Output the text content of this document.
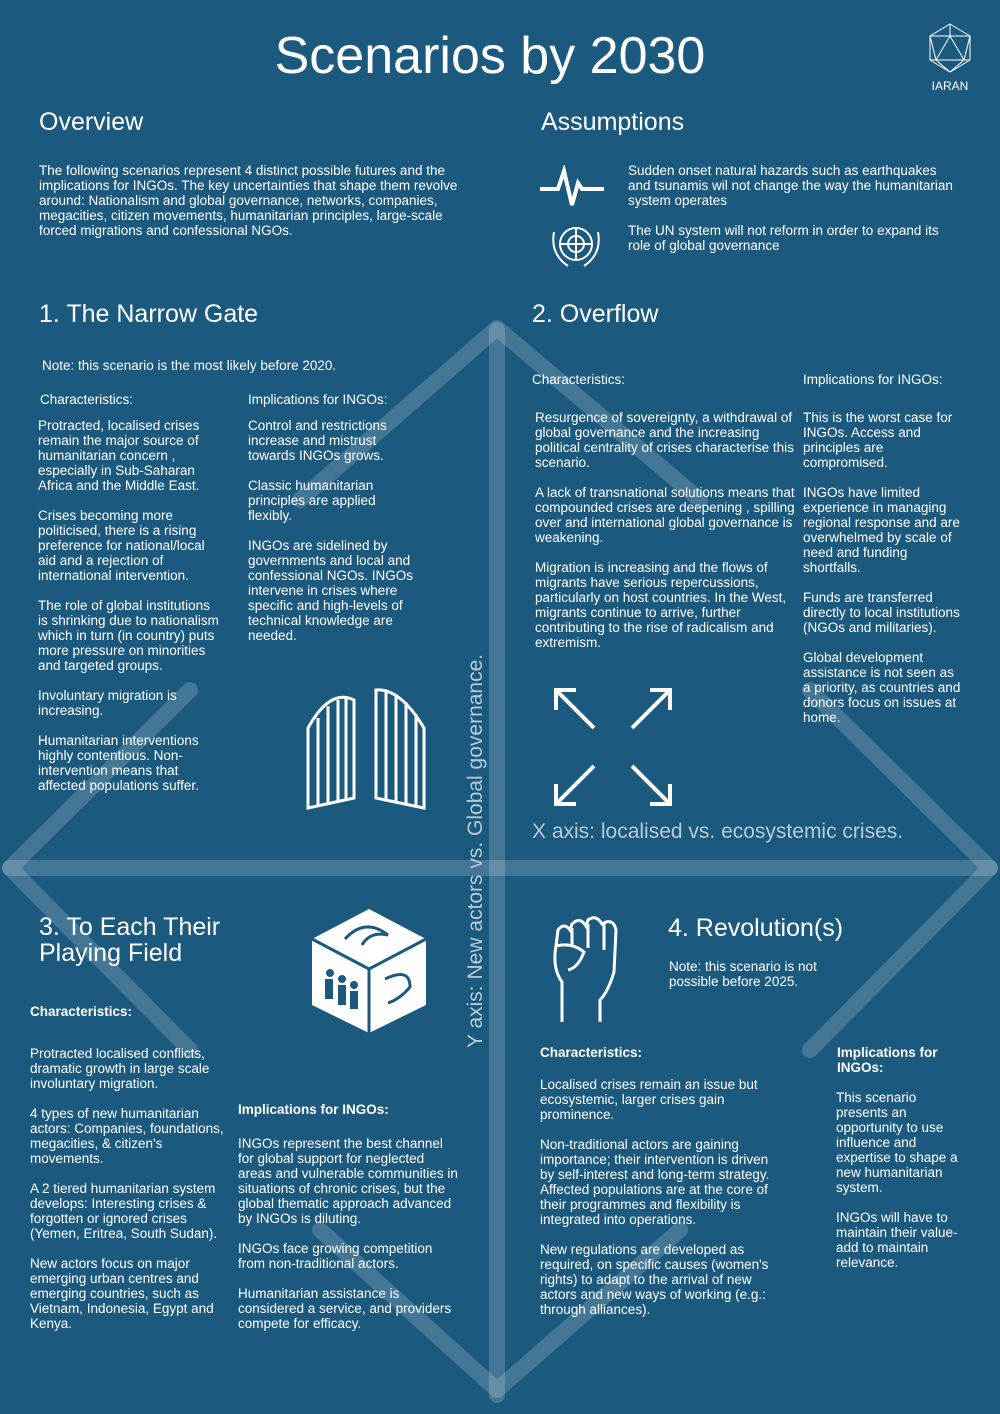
Scenarios by 2030
IARAN
Overview
The following scenarios represent 4 distinct possible futures and the implications for INGOs. The key uncertainties that shape them revolve around: Nationalism and global governance, networks, companies, megacities, citizen movements, humanitarian principles, large-scale forced migrations and confessional NGOs.
Assumptions
Sudden onset natural hazards such as earthquakes and tsunamis wil not change the way the humanitarian system operates
The UN system will not reform in order to expand its role of global governance
1. The Narrow Gate
Note: this scenario is the most likely before 2020.
Characteristics:

Protracted, localised crises remain the major source of humanitarian concern , especially in Sub-Saharan Africa and the Middle East.

Crises becoming more politicised, there is a rising preference for national/local aid and a rejection of international intervention.

The role of global institutions is shrinking due to nationalism which in turn (in country) puts more pressure on minorities and targeted groups.

Involuntary migration is increasing.

Humanitarian interventions highly contentious. Non-intervention means that affected populations suffer.

Implications for INGOs:

Control and restrictions increase and mistrust towards INGOs grows.

Classic humanitarian principles are applied flexibly.

INGOs are sidelined by governments and local and confessional NGOs. INGOs intervene in crises where specific and high-levels of technical knowledge are needed.

2. Overflow
Characteristics:

Resurgence of sovereignty, a withdrawal of global governance and the increasing political centrality of crises characterise this scenario.

A lack of transnational solutions means that compounded crises are deepening , spilling over and international global governance is weakening.

Migration is increasing and the flows of migrants have serious repercussions, particularly on host countries. In the West, migrants continue to arrive, further contributing to the rise of radicalism and extremism.

Implications for INGOs:

This is the worst case for INGOs. Access and principles are compromised.

INGOs have limited experience in managing regional response and are overwhelmed by scale of need and funding shortfalls.

Funds are transferred directly to local institutions (NGOs and militaries).

Global development assistance is not seen as a priority, as countries and donors focus on issues at home.

X axis: localised vs. ecosystemic crises.
Y axis: New actors vs. Global governance.
3. To Each Their Playing Field
Characteristics:

Protracted localised conflicts, dramatic growth in large scale involuntary migration.

4 types of new humanitarian actors: Companies, foundations, megacities, & citizen's movements.

A 2 tiered humanitarian system develops: Interesting crises & forgotten or ignored crises (Yemen, Eritrea, South Sudan).

New actors focus on major emerging urban centres and emerging countries, such as Vietnam, Indonesia, Egypt and Kenya.

Implications for INGOs:

INGOs represent the best channel for global support for neglected areas and vulnerable communities in situations of chronic crises, but the global thematic approach advanced by INGOs is diluting.

INGOs face growing competition from non-traditional actors.

Humanitarian assistance is considered a service, and providers compete for efficacy.

4. Revolution(s)
Note: this scenario is not possible before 2025.
Characteristics:

Localised crises remain an issue but ecosystemic, larger crises gain prominence.

Non-traditional actors are gaining importance; their intervention is driven by self-interest and long-term strategy. Affected populations are at the core of their programmes and flexibility is integrated into operations.

New regulations are developed as required, on specific causes (women's rights) to adapt to the arrival of new actors and new ways of working (e.g.: through alliances).

Implications for INGOs:

This scenario presents an opportunity to use influence and expertise to shape a new humanitarian system.

INGOs will have to maintain their value-add to maintain relevance.
